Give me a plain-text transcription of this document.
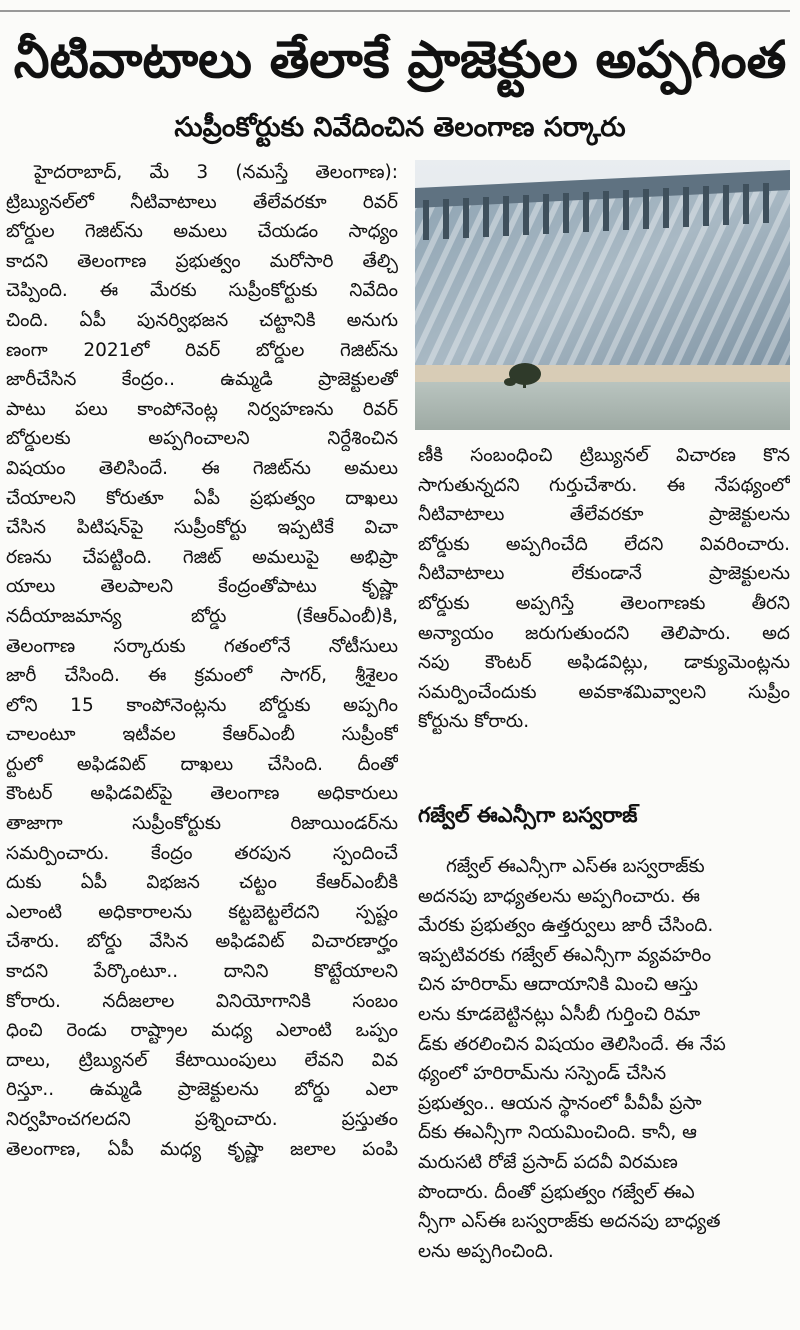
నీటివాటాలు తేలాకే ప్రాజెక్టుల అప్పగింత
సుప్రీంకోర్టుకు నివేదించిన తెలంగాణ సర్కారు
హైదరాబాద్, మే 3 (నమస్తే తెలంగాణ):
ట్రిబ్యునల్‌లో నీటివాటాలు తేలేవరకూ రివర్
బోర్డుల గెజిట్‌ను అమలు చేయడం సాధ్యం
కాదని తెలంగాణ ప్రభుత్వం మరోసారి తేల్చి
చెప్పింది. ఈ మేరకు సుప్రీంకోర్టుకు నివేదిం
చింది. ఏపీ పునర్విభజన చట్టానికి అనుగు
ణంగా 2021లో రివర్ బోర్డుల గెజిట్‌ను
జారీచేసిన కేంద్రం.. ఉమ్మడి ప్రాజెక్టులతో
పాటు పలు కాంపోనెంట్ల నిర్వహణను రివర్
బోర్డులకు అప్పగించాలని నిర్దేశించిన
విషయం తెలిసిందే. ఈ గెజిట్‌ను అమలు
చేయాలని కోరుతూ ఏపీ ప్రభుత్వం దాఖలు
చేసిన పిటిషన్‌పై సుప్రీంకోర్టు ఇప్పటికే విచా
రణను చేపట్టింది. గెజిట్ అమలుపై అభిప్రా
యాలు తెలపాలని కేంద్రంతోపాటు కృష్ణా
నదీయాజమాన్య బోర్డు (కేఆర్ఎంబీ)కి,
తెలంగాణ సర్కారుకు గతంలోనే నోటీసులు
జారీ చేసింది. ఈ క్రమంలో సాగర్, శ్రీశైలం
లోని 15 కాంపోనెంట్లను బోర్డుకు అప్పగిం
చాలంటూ ఇటీవల కేఆర్ఎంబీ సుప్రీంకో
ర్టులో అఫిడవిట్ దాఖలు చేసింది. దీంతో
కౌంటర్ అఫిడవిట్‌పై తెలంగాణ అధికారులు
తాజాగా సుప్రీంకోర్టుకు రిజాయిండర్‌ను
సమర్పించారు. కేంద్రం తరపున స్పందించే
దుకు ఏపీ విభజన చట్టం కేఆర్ఎంబీకి
ఎలాంటి అధికారాలను కట్టబెట్టలేదని స్పష్టం
చేశారు. బోర్డు వేసిన అఫిడవిట్ విచారణార్హం
కాదని పేర్కొంటూ.. దానిని కొట్టేయాలని
కోరారు. నదీజలాల వినియోగానికి సంబం
ధించి రెండు రాష్ట్రాల మధ్య ఎలాంటి ఒప్పం
దాలు, ట్రిబ్యునల్ కేటాయింపులు లేవని వివ
రిస్తూ.. ఉమ్మడి ప్రాజెక్టులను బోర్డు ఎలా
నిర్వహించగలదని ప్రశ్నించారు. ప్రస్తుతం
తెలంగాణ, ఏపీ మధ్య కృష్ణా జలాల పంపి
ణీకి సంబంధించి ట్రిబ్యునల్ విచారణ కొన
సాగుతున్నదని గుర్తుచేశారు. ఈ నేపథ్యంలో
నీటివాటాలు తేలేవరకూ ప్రాజెక్టులను
బోర్డుకు అప్పగించేది లేదని వివరించారు.
నీటివాటాలు లేకుండానే ప్రాజెక్టులను
బోర్డుకు అప్పగిస్తే తెలంగాణకు తీరని
అన్యాయం జరుగుతుందని తెలిపారు. అద
నపు కౌంటర్ అఫిడవిట్లు, డాక్యుమెంట్లను
సమర్పించేందుకు అవకాశమివ్వాలని సుప్రీం
కోర్టును కోరారు.
గజ్వేల్ ఈఎన్సీగా బస్వరాజ్
గజ్వేల్ ఈఎన్సీగా ఎస్ఈ బస్వరాజ్‌కు
అదనపు బాధ్యతలను అప్పగించారు. ఈ
మేరకు ప్రభుత్వం ఉత్తర్వులు జారీ చేసింది.
ఇప్పటివరకు గజ్వేల్ ఈఎన్సీగా వ్యవహరిం
చిన హరిరామ్ ఆదాయానికి మించి ఆస్తు
లను కూడబెట్టినట్లు ఏసీబీ గుర్తించి రిమా
డ్‌కు తరలించిన విషయం తెలిసిందే. ఈ నేప
థ్యంలో హరిరామ్‌ను సస్పెండ్ చేసిన
ప్రభుత్వం.. ఆయన స్థానంలో పీవీపీ ప్రసా
ద్‌కు ఈఎన్సీగా నియమించింది. కానీ, ఆ
మరుసటి రోజే ప్రసాద్ పదవీ విరమణ
పొందారు. దీంతో ప్రభుత్వం గజ్వేల్ ఈఎ
న్సీగా ఎస్ఈ బస్వరాజ్‌కు అదనపు బాధ్యత
లను అప్పగించింది.
